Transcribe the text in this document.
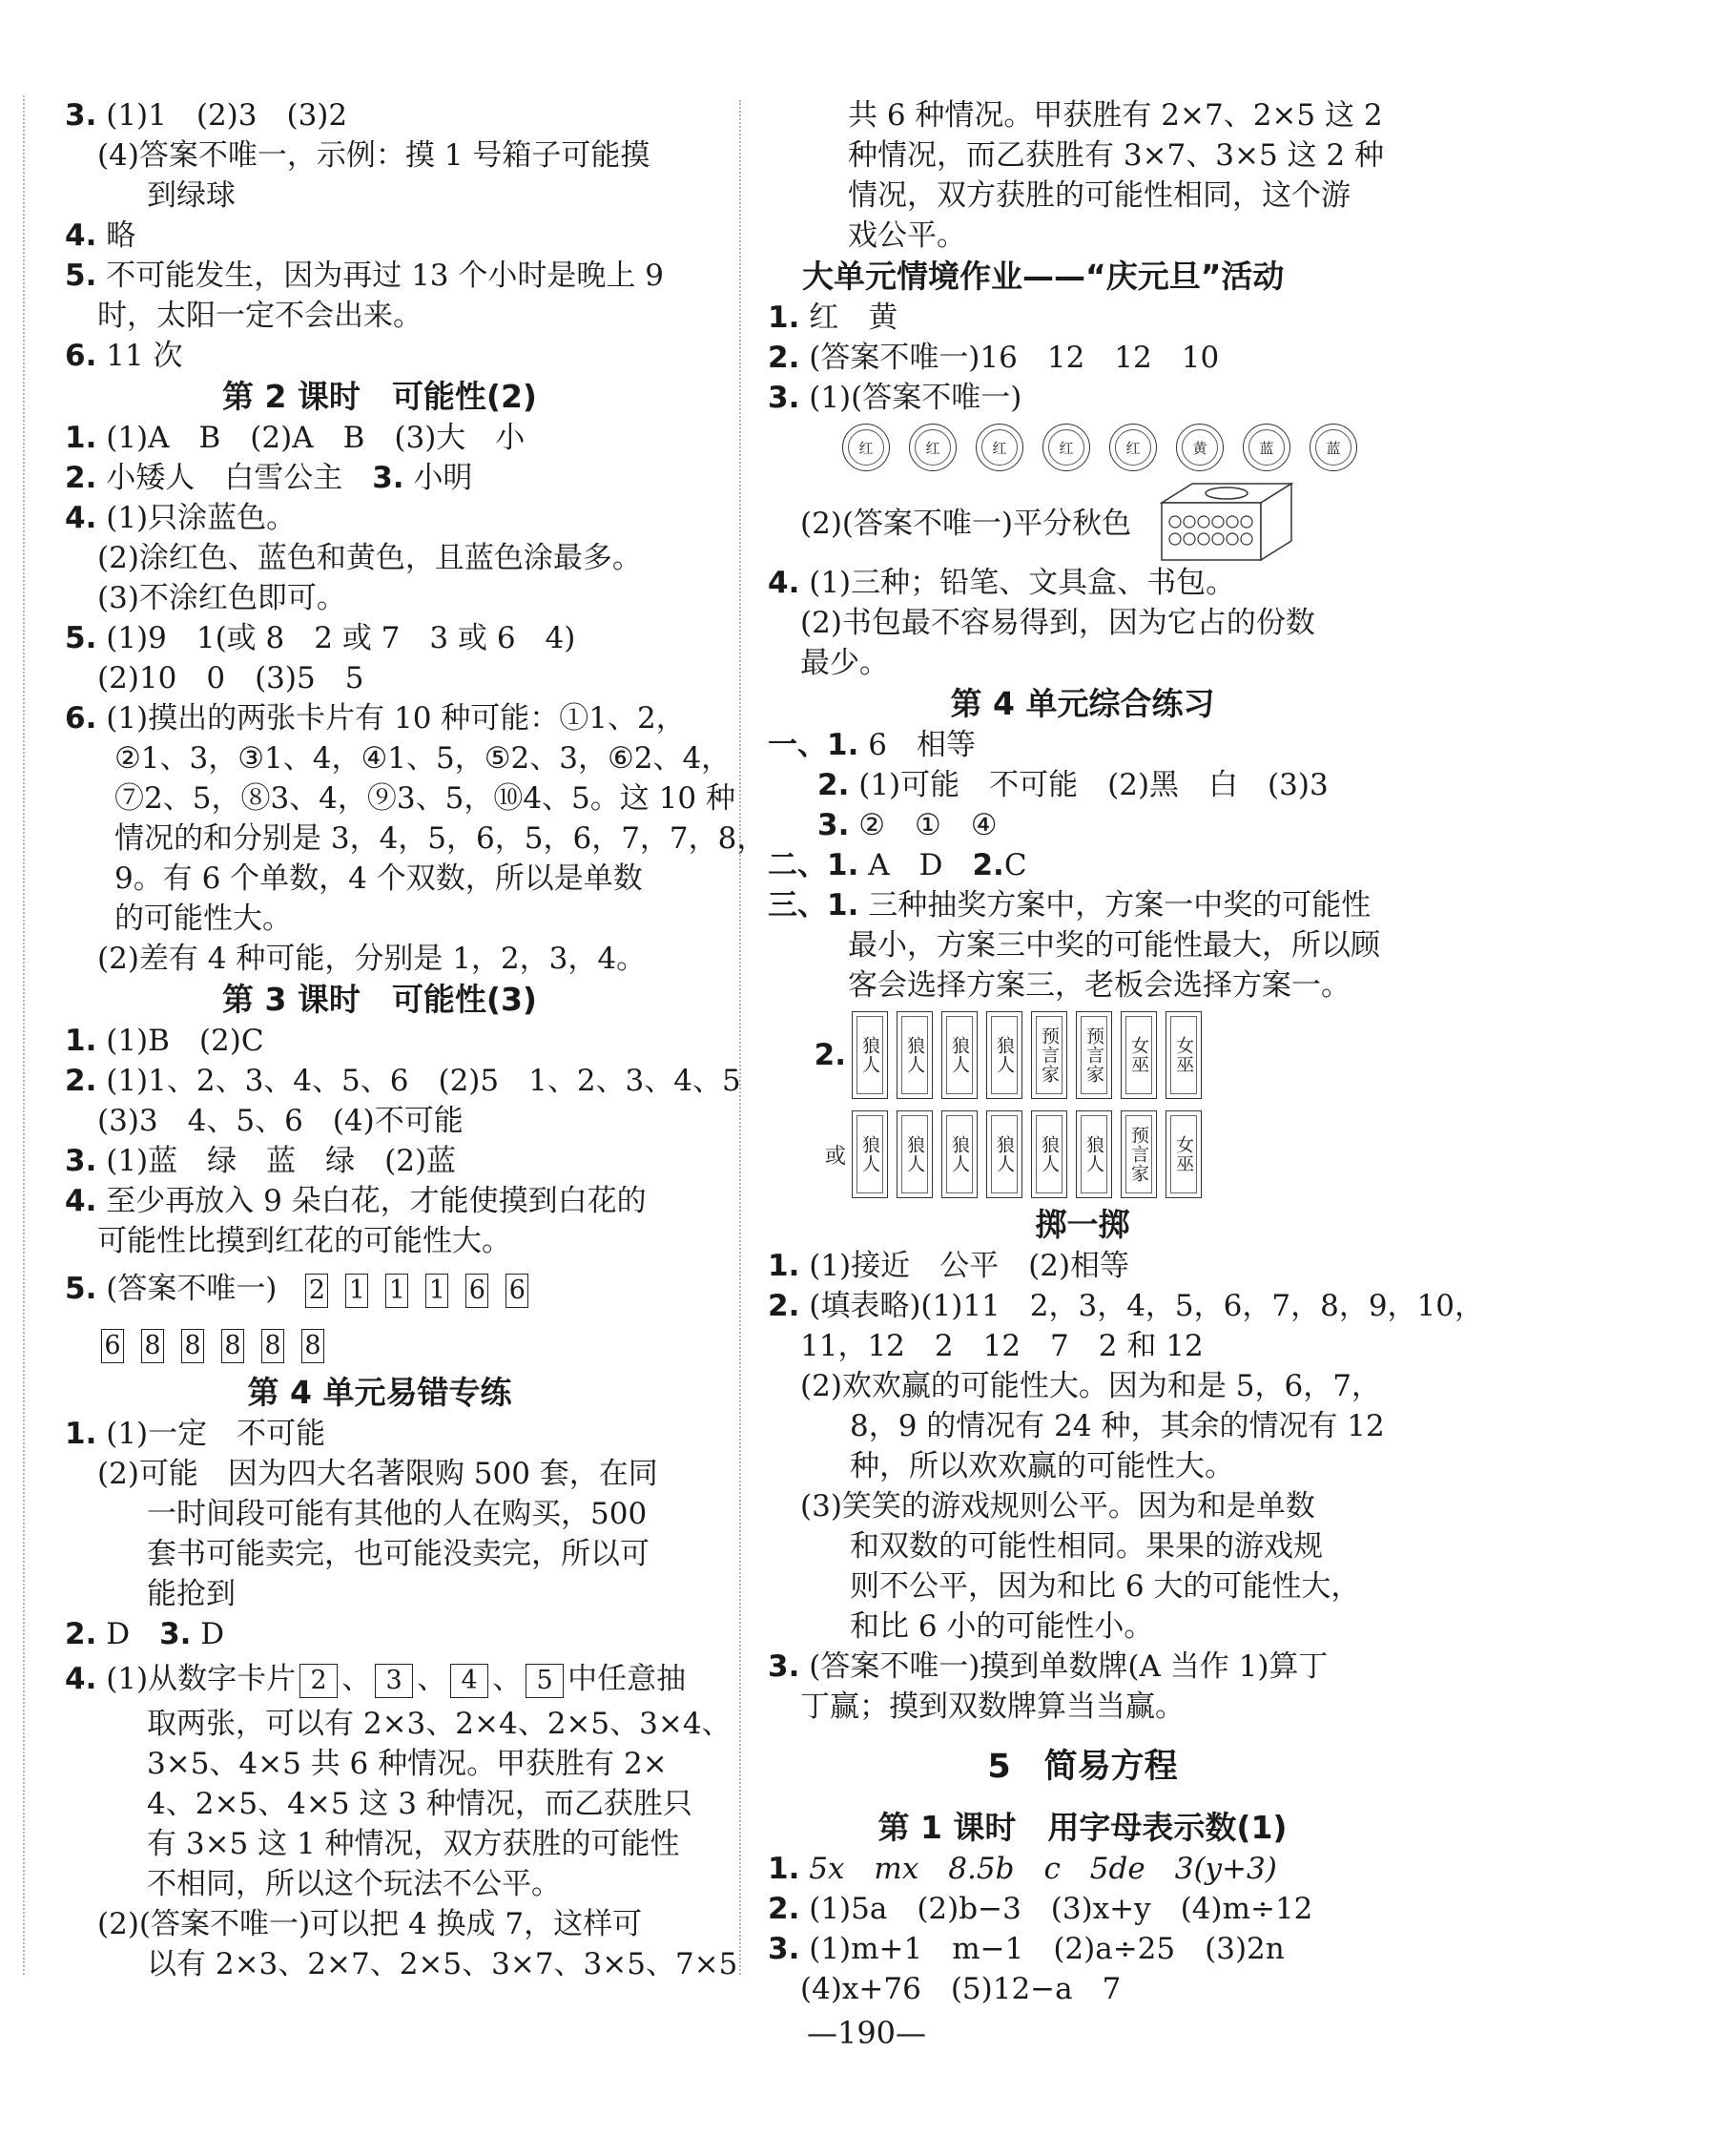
3. (1)1　(2)3　(3)2
(4)答案不唯一，示例：摸 1 号箱子可能摸
到绿球
4. 略
5. 不可能发生，因为再过 13 个小时是晚上 9
时，太阳一定不会出来。
6. 11 次
第 2 课时　可能性(2)
1. (1)A　B　(2)A　B　(3)大　小
2. 小矮人　白雪公主　 3. 小明
4. (1)只涂蓝色。
(2)涂红色、蓝色和黄色，且蓝色涂最多。
(3)不涂红色即可。
5. (1)9　1(或 8　2 或 7　3 或 6　4)
(2)10　0　(3)5　5
6. (1)摸出的两张卡片有 10 种可能：①1、2，
②1、3，③1、4，④1、5，⑤2、3，⑥2、4，
⑦2、5，⑧3、4，⑨3、5，⑩4、5。这 10 种
情况的和分别是 3，4，5，6，5，6，7，7，8，
9。有 6 个单数，4 个双数，所以是单数
的可能性大。
(2)差有 4 种可能，分别是 1，2，3，4。
第 3 课时　可能性(3)
1. (1)B　(2)C
2. (1)1、2、3、4、5、6　(2)5　1、2、3、4、5
(3)3　4、5、6　(4)不可能
3. (1)蓝　绿　蓝　绿　(2)蓝
4. 至少再放入 9 朵白花，才能使摸到白花的
可能性比摸到红花的可能性大。
5. (答案不唯一) 2 1 1 1 6 6
6 8 8 8 8 8
第 4 单元易错专练
1. (1)一定　不可能
(2)可能　因为四大名著限购 500 套，在同
一时间段可能有其他的人在购买，500
套书可能卖完，也可能没卖完，所以可
能抢到
2. D　 3. D
4. (1)从数字卡片 2 、 3 、 4 、 5 中任意抽
取两张，可以有 2×3、2×4、2×5、3×4、
3×5、4×5 共 6 种情况。甲获胜有 2×
4、2×5、4×5 这 3 种情况，而乙获胜只
有 3×5 这 1 种情况，双方获胜的可能性
不相同，所以这个玩法不公平。
(2)(答案不唯一)可以把 4 换成 7，这样可
以有 2×3、2×7、2×5、3×7、3×5、7×5
共 6 种情况。甲获胜有 2×7、2×5 这 2
种情况，而乙获胜有 3×7、3×5 这 2 种
情况，双方获胜的可能性相同，这个游
戏公平。
大单元情境作业——“庆元旦”活动
1. 红　黄
2. (答案不唯一)16　12　12　10
3. (1)(答案不唯一)
红	红	红	红	红	黄	蓝	蓝
(2)(答案不唯一)平分秋色
4. (1)三种；铅笔、文具盒、书包。
(2)书包最不容易得到，因为它占的份数
最少。
第 4 单元综合练习
一、1. 6　相等
2. (1)可能　不可能　(2)黑　白　(3)3
3. ②　①　④
二、1. A　D　 2.C
三、1. 三种抽奖方案中，方案一中奖的可能性
最小，方案三中奖的可能性最大，所以顾
客会选择方案三，老板会选择方案一。
2. 狼人 狼人 狼人 狼人 预言家 预言家 女巫 女巫
或 狼人 狼人 狼人 狼人 狼人 狼人 预言家 女巫
掷一掷
1. (1)接近　公平　(2)相等
2. (填表略)(1)11　2，3，4，5，6，7，8，9，10，
11，12　2　12　7　2 和 12
(2)欢欢赢的可能性大。因为和是 5，6，7，
8，9 的情况有 24 种，其余的情况有 12
种，所以欢欢赢的可能性大。
(3)笑笑的游戏规则公平。因为和是单数
和双数的可能性相同。果果的游戏规
则不公平，因为和比 6 大的可能性大，
和比 6 小的可能性小。
3. (答案不唯一)摸到单数牌(A 当作 1)算丁
丁赢；摸到双数牌算当当赢。
5　简易方程
第 1 课时　用字母表示数(1)
1. 5x　mx　8.5b　c　5de　3(y+3)
2. (1)5a　(2)b−3　(3)x+y　(4)m÷12
3. (1)m+1　m−1　(2)a÷25　(3)2n
(4)x+76　(5)12−a　7
—190—
